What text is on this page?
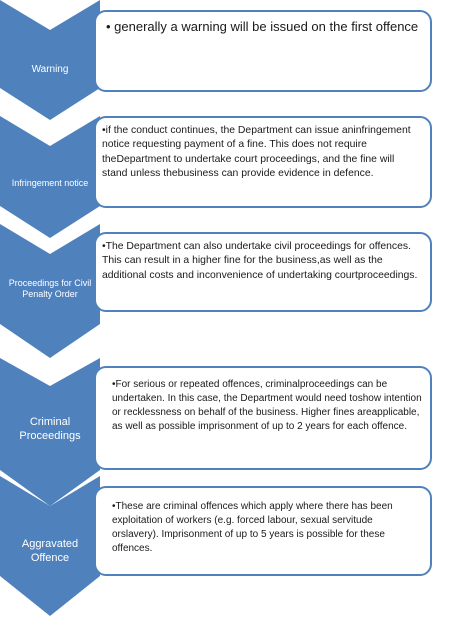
Warning
• generally a warning will be issued on the first offence
Infringement notice
•if the conduct continues, the Department can issue aninfringement notice requesting payment of a fine. This does not require theDepartment to undertake court proceedings, and the fine will stand unless thebusiness can provide evidence in defence.
Proceedings for Civil Penalty Order
•The Department can also undertake civil proceedings for offences. This can result in a higher fine for the business,as well as the additional costs and inconvenience of undertaking courtproceedings.
Criminal Proceedings
•For serious or repeated offences, criminalproceedings can be undertaken. In this case, the Department would need toshow intention or recklessness on behalf of the business. Higher fines areapplicable, as well as possible imprisonment of up to 2 years for each offence.
Aggravated Offence
•These are criminal offences which apply where there has been exploitation of workers (e.g. forced labour, sexual servitude orslavery). Imprisonment of up to 5 years is possible for these offences.
